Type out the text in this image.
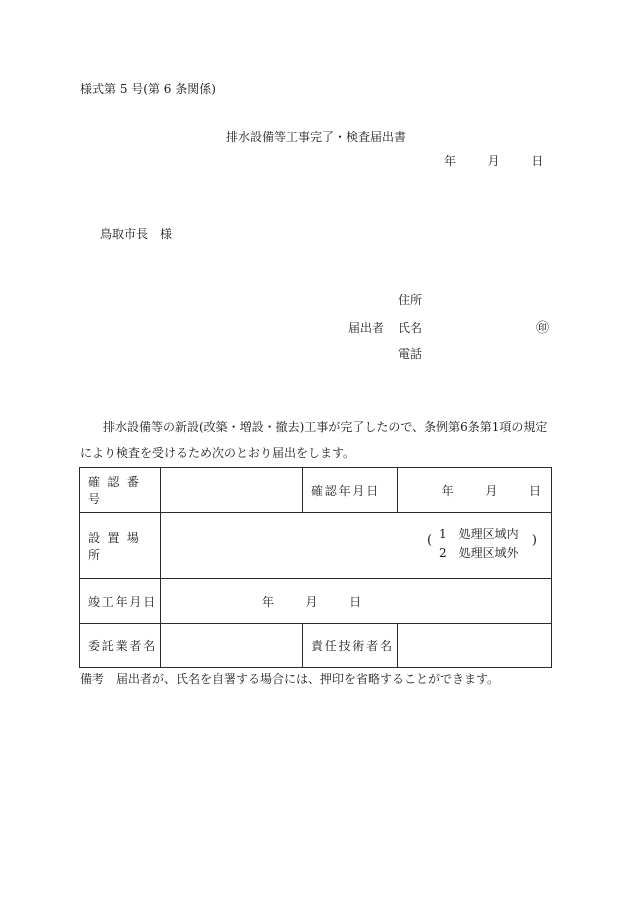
様式第 5 号(第 6 条関係)
排水設備等工事完了・検査届出書
年	月	日
鳥取市長　様
住所
届出者 氏名	㊞
電話
排水設備等の新設(改築・増設・撤去)工事が完了したので、条例第6条第1項の規定により検査を受けるため次のとおり届出をします。
確 認 番 号		確認年月日	年 月 日
設 置 場 所	( 1　処理区域内
2　処理区域外
)		

竣工年月日	年 月 日		
委託業者名		責任技術者名	
備考　届出者が、氏名を自署する場合には、押印を省略することができます。
